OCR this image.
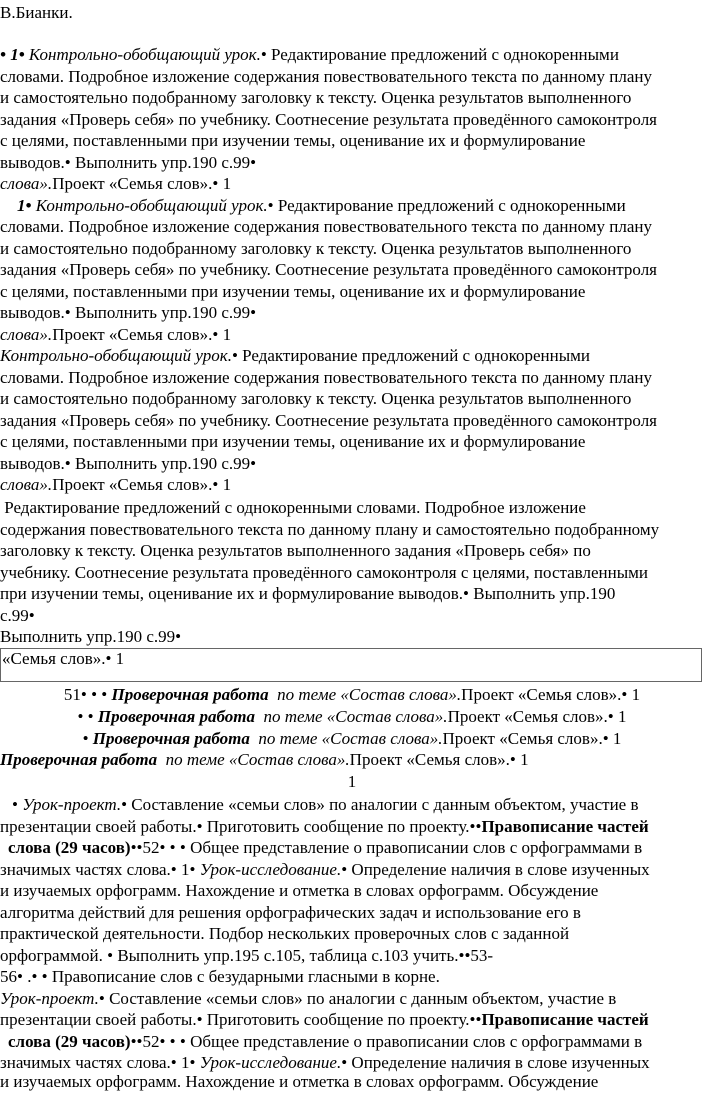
В.Бианки.
• 1• Контрольно-обобщающий урок.• Редактирование предложений с однокоренными
словами. Подробное изложение содержания повествовательного текста по данному плану
и самостоятельно подобранному заголовку к тексту. Оценка результатов выполненного
задания «Проверь себя» по учебнику. Соотнесение результата проведённого самоконтроля
с целями, поставленными при изучении темы, оценивание их и формулирование
выводов.• Выполнить упр.190 с.99•
слова».Проект «Семья слов».• 1
1• Контрольно-обобщающий урок.• Редактирование предложений с однокоренными
словами. Подробное изложение содержания повествовательного текста по данному плану
и самостоятельно подобранному заголовку к тексту. Оценка результатов выполненного
задания «Проверь себя» по учебнику. Соотнесение результата проведённого самоконтроля
с целями, поставленными при изучении темы, оценивание их и формулирование
выводов.• Выполнить упр.190 с.99•
слова».Проект «Семья слов».• 1
Контрольно-обобщающий урок.• Редактирование предложений с однокоренными
словами. Подробное изложение содержания повествовательного текста по данному плану
и самостоятельно подобранному заголовку к тексту. Оценка результатов выполненного
задания «Проверь себя» по учебнику. Соотнесение результата проведённого самоконтроля
с целями, поставленными при изучении темы, оценивание их и формулирование
выводов.• Выполнить упр.190 с.99•
слова».Проект «Семья слов».• 1
Редактирование предложений с однокоренными словами. Подробное изложение
содержания повествовательного текста по данному плану и самостоятельно подобранному
заголовку к тексту. Оценка результатов выполненного задания «Проверь себя» по
учебнику. Соотнесение результата проведённого самоконтроля с целями, поставленными
при изучении темы, оценивание их и формулирование выводов.• Выполнить упр.190
с.99•
Выполнить упр.190 с.99•
«Семья слов».• 1
51• • • Проверочная работа  по теме «Состав слова».Проект «Семья слов».• 1
• • Проверочная работа  по теме «Состав слова».Проект «Семья слов».• 1
• Проверочная работа  по теме «Состав слова».Проект «Семья слов».• 1
Проверочная работа  по теме «Состав слова».Проект «Семья слов».• 1
1
• Урок-проект.• Составление «семьи слов» по аналогии с данным объектом, участие в
презентации своей работы.• Приготовить сообщение по проекту.••Правописание частей
слова (29 часов)••52• • • Общее представление о правописании слов с орфограммами в
значимых частях слова.• 1• Урок-исследование.• Определение наличия в слове изученных
и изучаемых орфограмм. Нахождение и отметка в словах орфограмм. Обсуждение
алгоритма действий для решения орфографических задач и использование его в
практической деятельности. Подбор нескольких проверочных слов с заданной
орфограммой. • Выполнить упр.195 с.105, таблица с.103 учить.••53-
56• .• • Правописание слов с безударными гласными в корне.
Урок-проект.• Составление «семьи слов» по аналогии с данным объектом, участие в
презентации своей работы.• Приготовить сообщение по проекту.••Правописание частей
слова (29 часов)••52• • • Общее представление о правописании слов с орфограммами в
значимых частях слова.• 1• Урок-исследование.• Определение наличия в слове изученных
и изучаемых орфограмм. Нахождение и отметка в словах орфограмм. Обсуждение
